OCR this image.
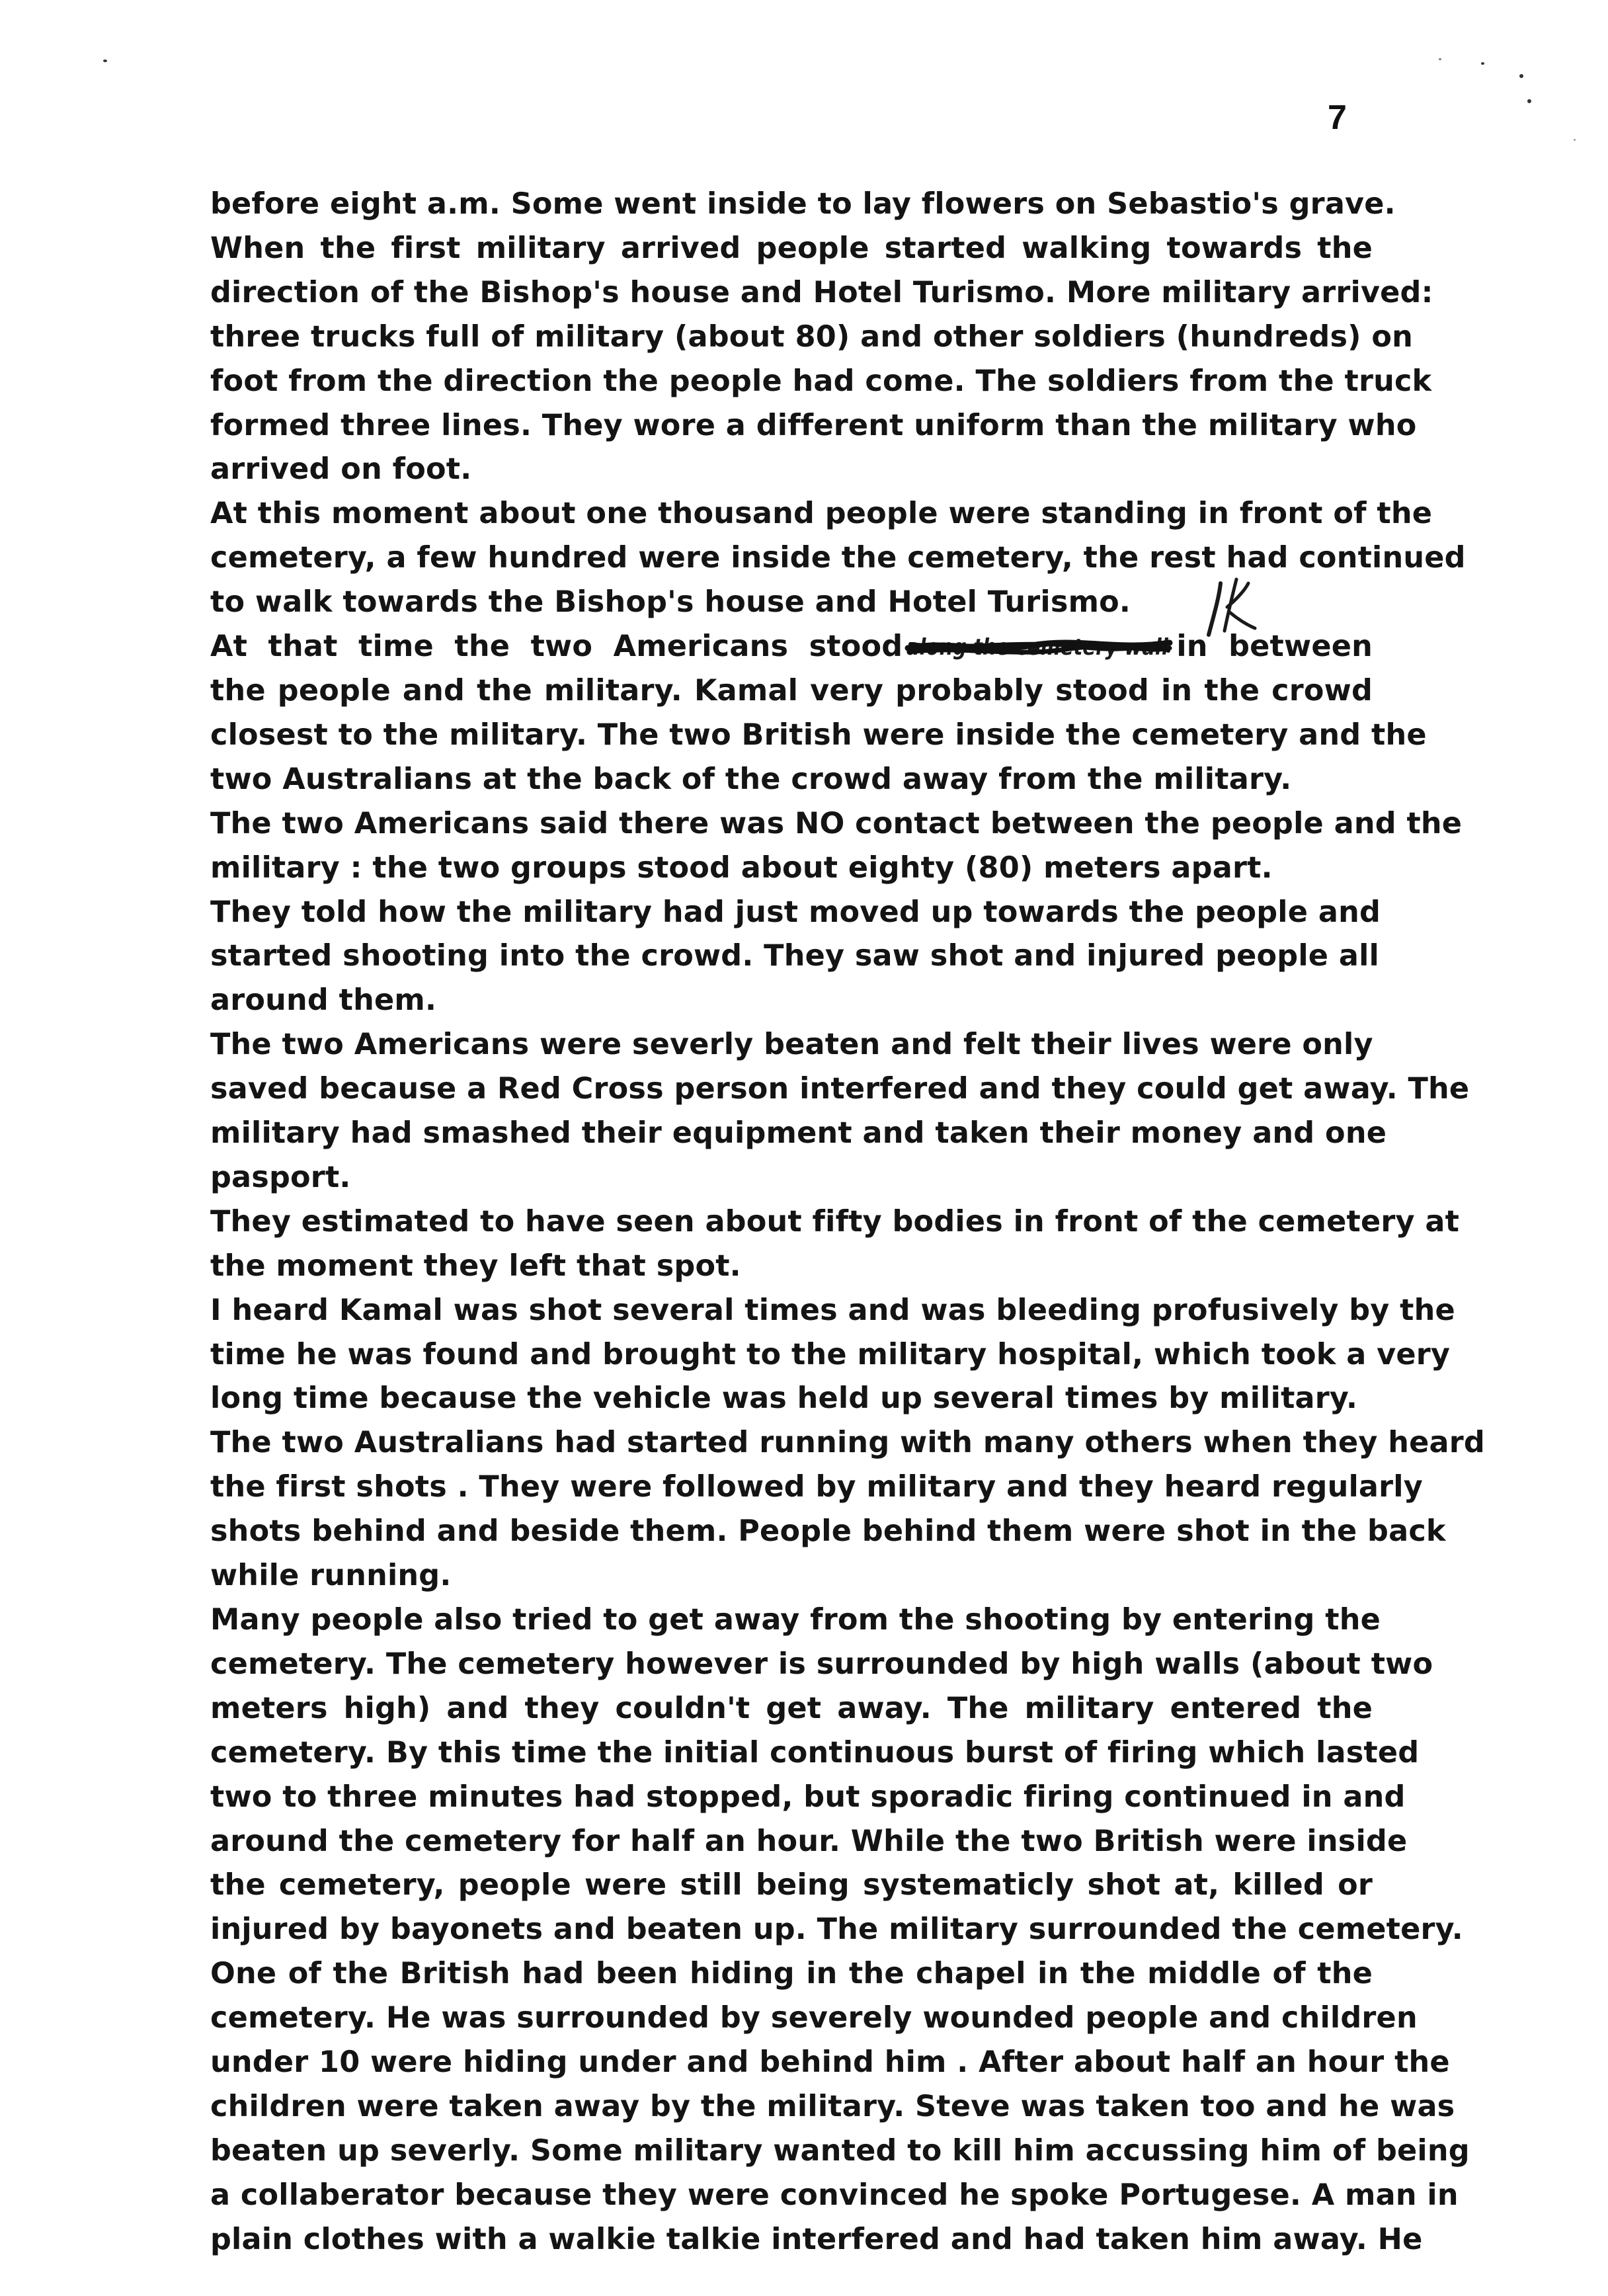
7
before eight a.m. Some went inside to lay flowers on Sebastio's grave.
When the first military arrived people started walking towards the
direction of the Bishop's house and Hotel Turismo. More military arrived:
three trucks full of military (about 80) and other soldiers (hundreds) on
foot from the direction the people had come. The soldiers from the truck
formed three lines. They wore a different uniform than the military who
arrived on foot.
At this moment about one thousand people were standing in front of the
cemetery, a few hundred were inside the cemetery, the rest had continued
to walk towards the Bishop's house and Hotel Turismo.
At that time the two Americans stood along the cemetery wall in between
the people and the military. Kamal very probably stood in the crowd
closest to the military. The two British were inside the cemetery and the
two Australians at the back of the crowd away from the military.
The two Americans said there was NO contact between the people and the
military : the two groups stood about eighty (80) meters apart.
They told how the military had just moved up towards the people and
started shooting into the crowd. They saw shot and injured people all
around them.
The two Americans were severly beaten and felt their lives were only
saved because a Red Cross person interfered and they could get away. The
military had smashed their equipment and taken their money and one
pasport.
They estimated to have seen about fifty bodies in front of the cemetery at
the moment they left that spot.
I heard Kamal was shot several times and was bleeding profusively by the
time he was found and brought to the military hospital, which took a very
long time because the vehicle was held up several times by military.
The two Australians had started running with many others when they heard
the first shots . They were followed by military and they heard regularly
shots behind and beside them. People behind them were shot in the back
while running.
Many people also tried to get away from the shooting by entering the
cemetery. The cemetery however is surrounded by high walls (about two
meters high) and they couldn't get away. The military entered the
cemetery. By this time the initial continuous burst of firing which lasted
two to three minutes had stopped, but sporadic firing continued in and
around the cemetery for half an hour. While the two British were inside
the cemetery, people were still being systematicly shot at, killed or
injured by bayonets and beaten up. The military surrounded the cemetery.
One of the British had been hiding in the chapel in the middle of the
cemetery. He was surrounded by severely wounded people and children
under 10 were hiding under and behind him . After about half an hour the
children were taken away by the military. Steve was taken too and he was
beaten up severly. Some military wanted to kill him accussing him of being
a collaberator because they were convinced he spoke Portugese. A man in
plain clothes with a walkie talkie interfered and had taken him away. He
